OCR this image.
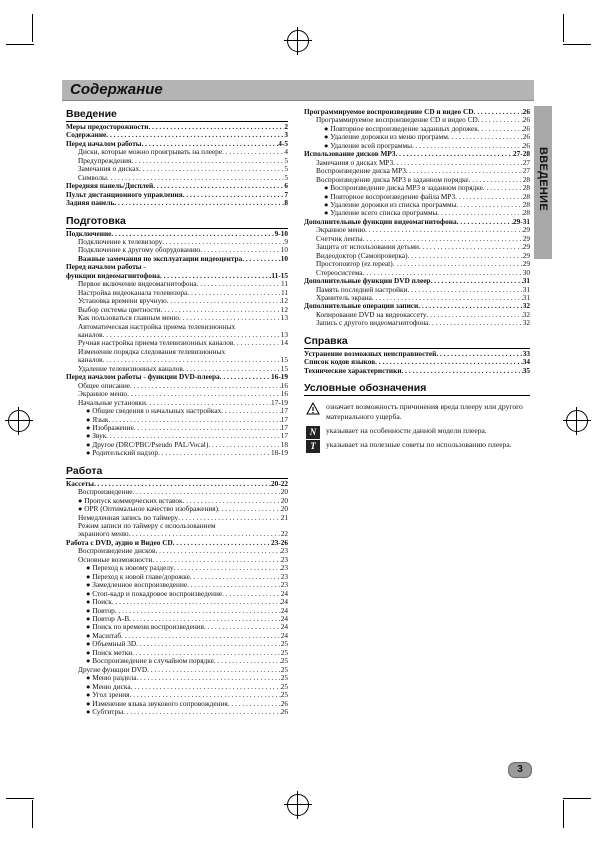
Содержание
ВВЕДЕНИЕ
Введение
Меры предосторожности . . .	2
Содержание . . .	3
Перед началом работы . . .	4-5
Диски, которые можно проигрывать на плеере . . .	4
Предупреждения . . .	5
Замечания о дисках . . .	5
Символы . . .	5
Передняя панель/Дисплей . . .	6
Пульт дистанционного управления . . .	7
Задняя панель . . .	8
Подготовка
Подключение . . .	9-10
Подключение к телевизору . . .	9
Подключение к другому оборудованию . . .	10
Важные замечания по эксплуатации видеоцентра . . .	10
Перед началом работы -
функции видеомагнитофона . . .	11-15
Первое включение видеомагнитофона . . .	11
Настройка видеоканала телевизора . . .	11
Установка времени вручную . . .	12
Выбор системы цветности . . .	12
Как пользоваться главным меню . . .	13
Автоматическая настройка приема телевизионных
каналов . . .	13
Ручная настройка приема телевизионных каналов . . .	14
Изменение порядка следования телевизионных
каналов . . .	15
Удаление телевизионных каналов . . .	15
Перед началом работы - функции DVD-плеера . . .	16-19
Общее описание . . .	16
Экранное меню . . .	16
Начальные установки . . .	17-19
● Общие сведения о начальных настройках . . .	17
● Язык . . .	17
● Изображение . . .	17
● Звук . . .	17
● Другое (DRC/PBC/Pseudo PAL/Vocal) . . .	18
● Родительский надзор . . .	18-19
Работа
Кассеты . . .	20-22
Воспроизведение . . .	20
● Пропуск коммерческих вставок . . .	20
● OPR (Оптимальное качество изображения) . . .	20
Немедленная запись по таймеру . . .	21
Режим записи по таймеру с использованием
экранного меню . . .	22
Работа с DVD, аудио и Видео CD . . .	23-26
Воспроизведение дисков . . .	23
Основные возможности . . .	23
● Переход к новому разделу . . .	23
● Переход к новой главе/дорожке . . .	23
● Замедленное воспроизведение . . .	23
● Стоп-кадр и покадровое воспроизведение . . .	24
● Поиск . . .	24
● Повтор . . .	24
● Повтор A-B . . .	24
● Поиск по времени воспроизведения . . .	24
● Масштаб . . .	24
● Объемный 3D . . .	25
● Поиск метки . . .	25
● Воспроизведение в случайном порядке . . .	25
Другие функции DVD . . .	25
● Меню раздела . . .	25
● Меню диска . . .	25
● Угол зрения . . .	25
● Изменение языка звукового сопровождения . . .	26
● Субтитры . . .	26
Программируемое воспроизведение CD и видео CD . . .	26
Программируемое воспроизведение CD и видео CD . . .	26
● Повторное воспроизведение заданных дорожек . . .	26
● Удаление дорожки из меню программ . . .	26
● Удаление всей программы . . .	26
Использование дисков MP3 . . .	27-28
Замечания о дисках MP3 . . .	27
Воспроизведение диска MP3 . . .	27
Воспроизведение диска MP3 в заданном порядке . . .	28
● Воспроизведение диска MP3 в заданном порядке . . .	28
● Повторное воспроизведение файла MP3 . . .	28
● Удаление дорожки из списка программы . . .	28
● Удаление всего списка программы . . .	28
Дополнительные функции видеомагнитофона . . .	29-31
Экранное меню . . .	29
Счетчик ленты . . .	29
Защита от использования детьми . . .	29
Видеодоктор (Самопроверка) . . .	29
Простоповтор (ez repeat) . . .	29
Стереосистема . . .	30
Дополнительные функции DVD плеер . . .	31
Память последней настройки . . .	31
Хранитель экрана . . .	31
Дополнительные операции записи . . .	32
Копирование DVD на видеокассету . . .	32
Запись с другого видеомагнитофона . . .	32
Справка
Устранение возможных неисправностей . . .	33
Список кодов языков . . .	34
Технические характеристики . . .	35
Условные обозначения
означает возможность причинения вреда плееру или другого материального ущерба.
N	указывает на особенности данной модели плеера.
T	указывает на полезные советы по использованию плеера.
3
